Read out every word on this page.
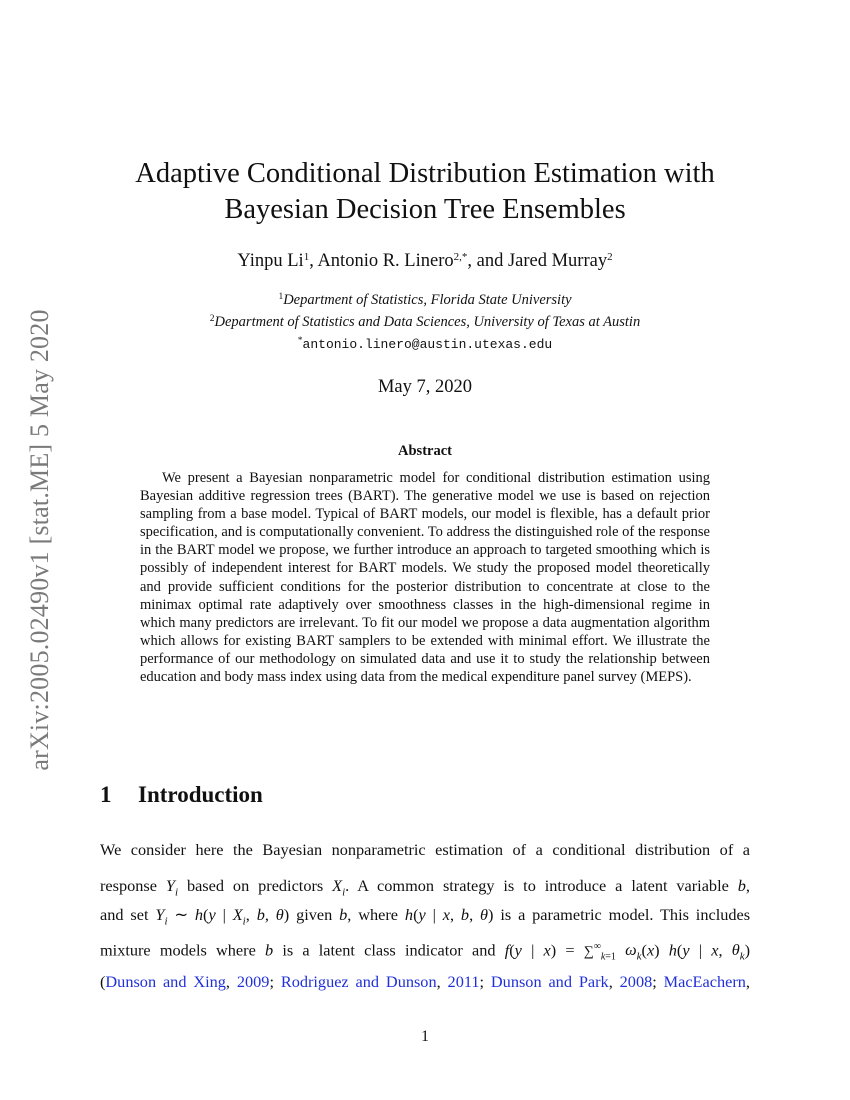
arXiv:2005.02490v1 [stat.ME] 5 May 2020
Adaptive Conditional Distribution Estimation with
Bayesian Decision Tree Ensembles
Yinpu Li$^1$, Antonio R. Linero$^{2,*}$, and Jared Murray$^2$
$^1$Department of Statistics, Florida State University
$^2$Department of Statistics and Data Sciences, University of Texas at Austin
*antonio.linero@austin.utexas.edu
May 7, 2020
Abstract
We present a Bayesian nonparametric model for conditional distribution estimation using Bayesian additive regression trees (BART). The generative model we use is based on rejection sampling from a base model. Typical of BART models, our model is flexible, has a default prior specification, and is computationally convenient. To address the distinguished role of the response in the BART model we propose, we further introduce an approach to targeted smoothing which is possibly of independent interest for BART models. We study the proposed model theoretically and provide sufficient conditions for the posterior distribution to concentrate at close to the minimax optimal rate adaptively over smoothness classes in the high-dimensional regime in which many predictors are irrelevant. To fit our model we propose a data augmentation algorithm which allows for existing BART samplers to be extended with minimal effort. We illustrate the performance of our methodology on simulated data and use it to study the relationship between education and body mass index using data from the medical expenditure panel survey (MEPS).
1 Introduction
We consider here the Bayesian nonparametric estimation of a conditional distribution of a
response $Y_i$ based on predictors $X_i$. A common strategy is to introduce a latent variable b,
and set $Y_i$ ∼ h(y | $X_i$, b, θ) given b, where h(y | x, b, θ) is a parametric model. This includes
mixture models where b is a latent class indicator and f(y | $x) = \sum^\infty_{k=1}$ $\omega_k(x)$ h(y | x, $\theta_k$)
(Dunson and Xing, 2009; Rodriguez and Dunson, 2011; Dunson and Park, 2008; MacEachern,
1
